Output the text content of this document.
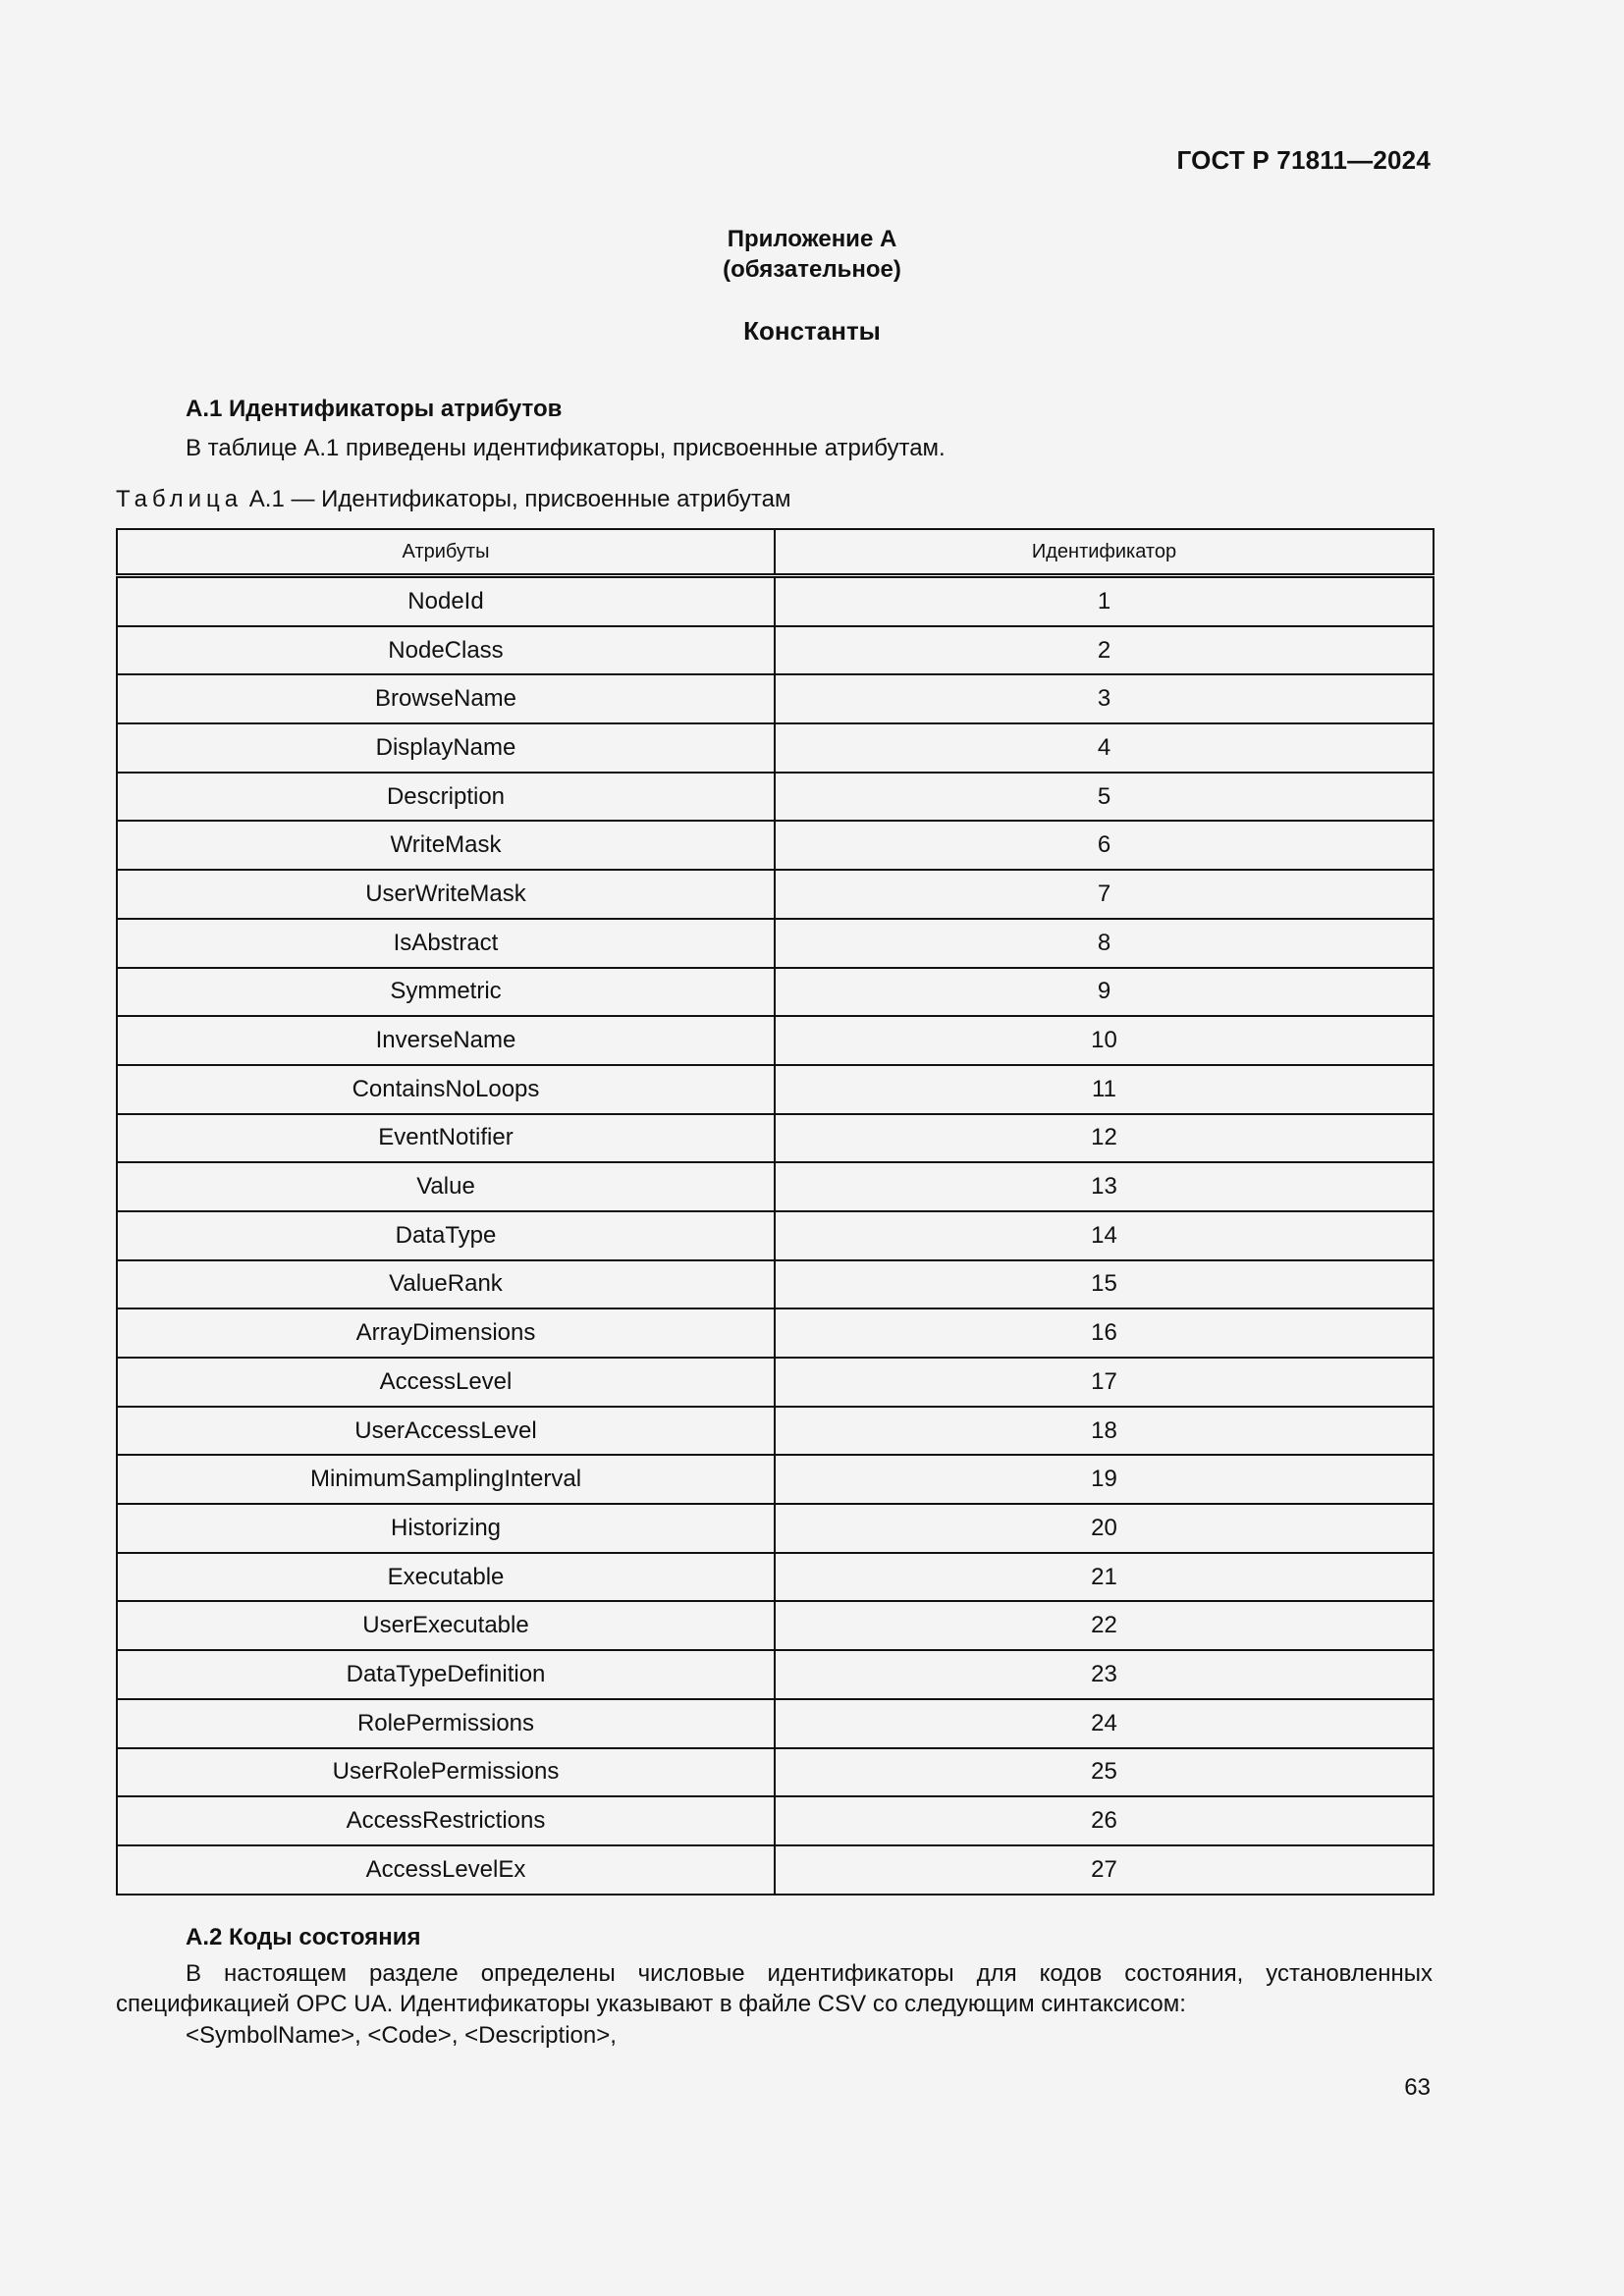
ГОСТ Р 71811—2024
Приложение А
(обязательное)
Константы
А.1 Идентификаторы атрибутов
В таблице А.1 приведены идентификаторы, присвоенные атрибутам.
Таблица А.1 — Идентификаторы, присвоенные атрибутам
Атрибуты	Идентификатор
NodeId	1
NodeClass	2
BrowseName	3
DisplayName	4
Description	5
WriteMask	6
UserWriteMask	7
IsAbstract	8
Symmetric	9
InverseName	10
ContainsNoLoops	11
EventNotifier	12
Value	13
DataType	14
ValueRank	15
ArrayDimensions	16
AccessLevel	17
UserAccessLevel	18
MinimumSamplingInterval	19
Historizing	20
Executable	21
UserExecutable	22
DataTypeDefinition	23
RolePermissions	24
UserRolePermissions	25
AccessRestrictions	26
AccessLevelEx	27
А.2 Коды состояния
В настоящем разделе определены числовые идентификаторы для кодов состояния, установленных спецификацией OPC UA. Идентификаторы указывают в файле CSV со следующим синтаксисом:
<SymbolName>, <Code>, <Description>,
63
